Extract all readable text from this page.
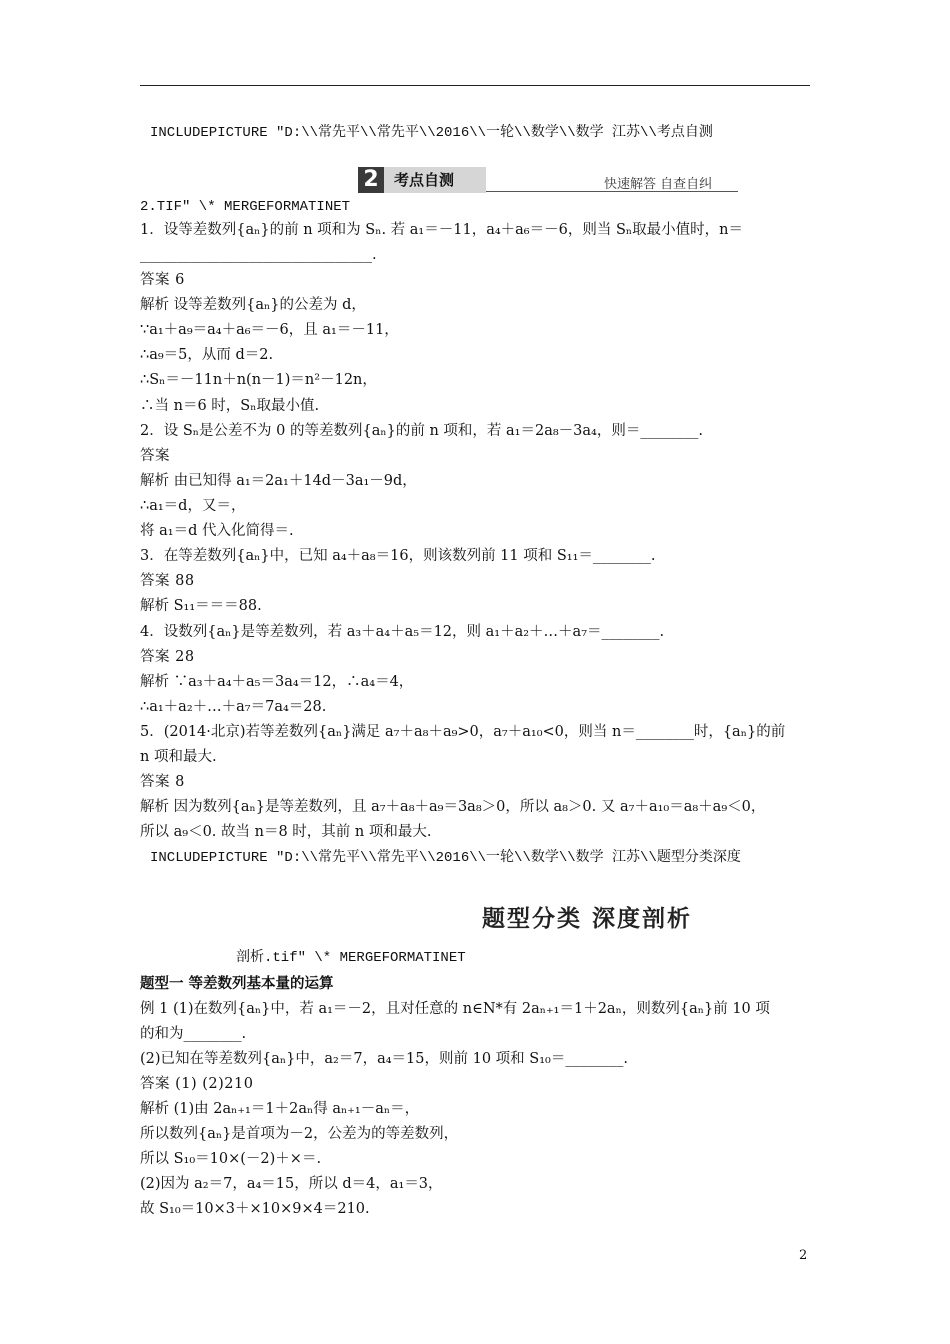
INCLUDEPICTURE "D:\\常先平\\常先平\\2016\\一轮\\数学\\数学 江苏\\考点自测
2	考点自测	快速解答 自查自纠
2.TIF" \* MERGEFORMATINET
1．设等差数列{aₙ}的前 n 项和为 Sₙ. 若 a₁＝－11，a₄＋a₆＝－6，则当 Sₙ取最小值时，n＝
________________________________.
答案 6
解析 设等差数列{aₙ}的公差为 d，
∵a₁＋a₉＝a₄＋a₆＝－6，且 a₁＝－11，
∴a₉＝5，从而 d＝2.
∴Sₙ＝－11n＋n(n－1)＝n²－12n，
∴当 n＝6 时，Sₙ取最小值.
2．设 Sₙ是公差不为 0 的等差数列{aₙ}的前 n 项和，若 a₁＝2a₈－3a₄，则＝________.
答案
解析 由已知得 a₁＝2a₁＋14d－3a₁－9d，
∴a₁＝d，又＝，
将 a₁＝d 代入化简得＝.
3．在等差数列{aₙ}中，已知 a₄＋a₈＝16，则该数列前 11 项和 S₁₁＝________.
答案 88
解析 S₁₁＝＝＝88.
4．设数列{aₙ}是等差数列，若 a₃＋a₄＋a₅＝12，则 a₁＋a₂＋…＋a₇＝________.
答案 28
解析 ∵a₃＋a₄＋a₅＝3a₄＝12，∴a₄＝4，
∴a₁＋a₂＋…＋a₇＝7a₄＝28.
5．(2014·北京)若等差数列{aₙ}满足 a₇＋a₈＋a₉>0，a₇＋a₁₀<0，则当 n＝________时，{aₙ}的前
n 项和最大.
答案 8
解析 因为数列{aₙ}是等差数列，且 a₇＋a₈＋a₉＝3a₈＞0，所以 a₈＞0. 又 a₇＋a₁₀＝a₈＋a₉＜0，
所以 a₉＜0. 故当 n＝8 时，其前 n 项和最大.
INCLUDEPICTURE "D:\\常先平\\常先平\\2016\\一轮\\数学\\数学 江苏\\题型分类深度
题型分类 深度剖析
剖析.tif" \* MERGEFORMATINET
题型一 等差数列基本量的运算
例 1 (1)在数列{aₙ}中，若 a₁＝－2，且对任意的 n∈N*有 2aₙ₊₁＝1＋2aₙ，则数列{aₙ}前 10 项
的和为________.
(2)已知在等差数列{aₙ}中，a₂＝7，a₄＝15，则前 10 项和 S₁₀＝________.
答案 (1) (2)210
解析 (1)由 2aₙ₊₁＝1＋2aₙ得 aₙ₊₁－aₙ＝，
所以数列{aₙ}是首项为－2，公差为的等差数列，
所以 S₁₀＝10×(－2)＋×＝.
(2)因为 a₂＝7，a₄＝15，所以 d＝4，a₁＝3，
故 S₁₀＝10×3＋×10×9×4＝210.
2
